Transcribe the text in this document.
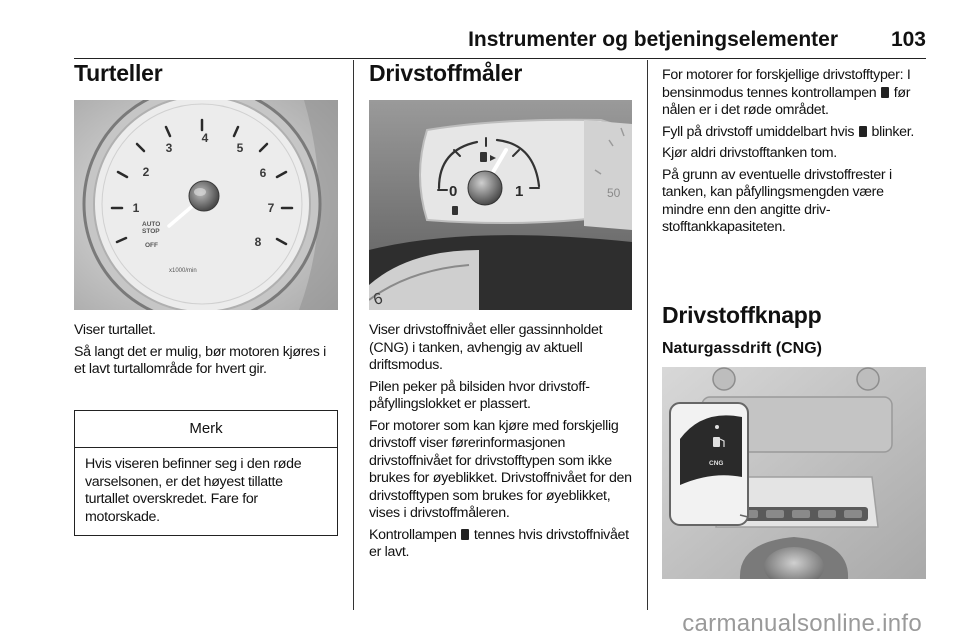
Instrumenter og betjeningselementer	103
Turteller
1
2
3
4
5
6
7
8
AUTO
STOP
OFF
x1000/min

Viser turtallet.

Så langt det er mulig, bør motoren kjøres i et lavt turtallområde for hvert gir.

Merk

Hvis viseren befinner seg i den røde varselsonen, er det høyest tillatte turtallet overskredet. Fare for motorskade.

Drivstoffmåler
0	1	50
6

Viser drivstoffnivået eller gassinnholdet (CNG) i tanken, avhengig av aktuell driftsmodus.

Pilen peker på bilsiden hvor drivstoffpåfyllingslokket er plassert.

For motorer som kan kjøre med forskjellig drivstoff viser førerinformasjonen drivstoffnivået for drivstofftypen som ikke brukes for øyeblikket. Drivstoffnivået for den drivstofftypen som brukes for øyeblikket, vises i drivstoffmåleren.

Kontrollampen tennes hvis drivstoffnivået er lavt.

For motorer for forskjellige drivstofftyper: I bensinmodus tennes kontrollampen før nålen er i det røde området.

Fyll på drivstoff umiddelbart hvis blinker.

Kjør aldri drivstofftanken tom.

På grunn av eventuelle drivstoffrester i tanken, kan påfyllingsmengden være mindre enn den angitte drivstofftankkapasiteten.

Drivstoffknapp
Naturgassdrift (CNG)
CNG
carmanualsonline.info
